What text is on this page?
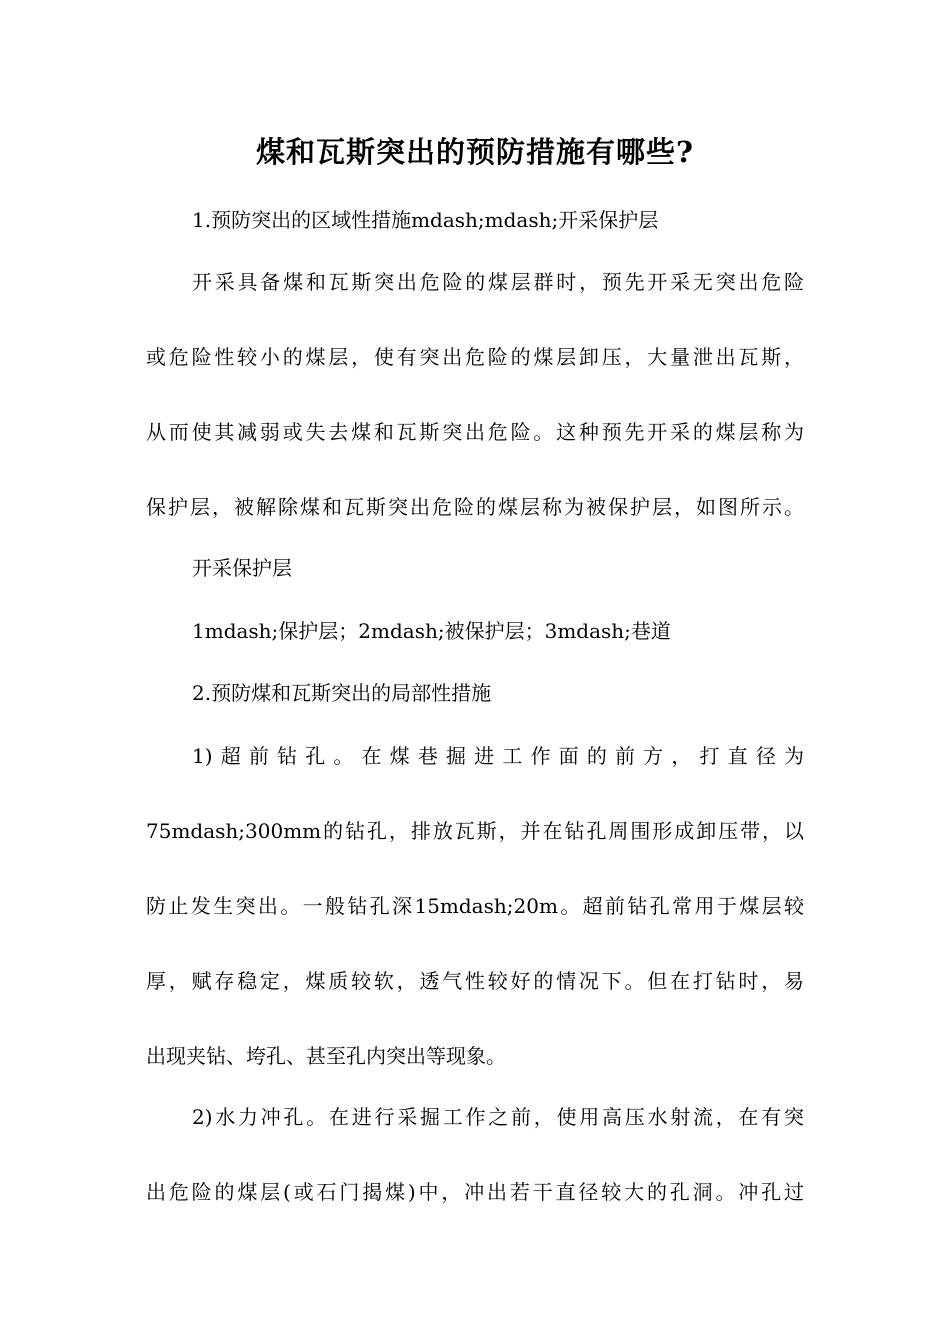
煤和瓦斯突出的预防措施有哪些?
1.预防突出的区域性措施mdash;mdash;开采保护层
开采具备煤和瓦斯突出危险的煤层群时，预先开采无突出危险
或危险性较小的煤层，使有突出危险的煤层卸压，大量泄出瓦斯，
从而使其减弱或失去煤和瓦斯突出危险。这种预先开采的煤层称为
保护层，被解除煤和瓦斯突出危险的煤层称为被保护层，如图所示。
开采保护层
1mdash;保护层；2mdash;被保护层；3mdash;巷道
2.预防煤和瓦斯突出的局部性措施
1)超前钻孔。在煤巷掘进工作面的前方，打直径为
75mdash;300mm的钻孔，排放瓦斯，并在钻孔周围形成卸压带，以
防止发生突出。一般钻孔深15mdash;20m。超前钻孔常用于煤层较
厚，赋存稳定，煤质较软，透气性较好的情况下。但在打钻时，易
出现夹钻、垮孔、甚至孔内突出等现象。
2)水力冲孔。在进行采掘工作之前，使用高压水射流，在有突
出危险的煤层(或石门揭煤)中，冲出若干直径较大的孔洞。冲孔过
